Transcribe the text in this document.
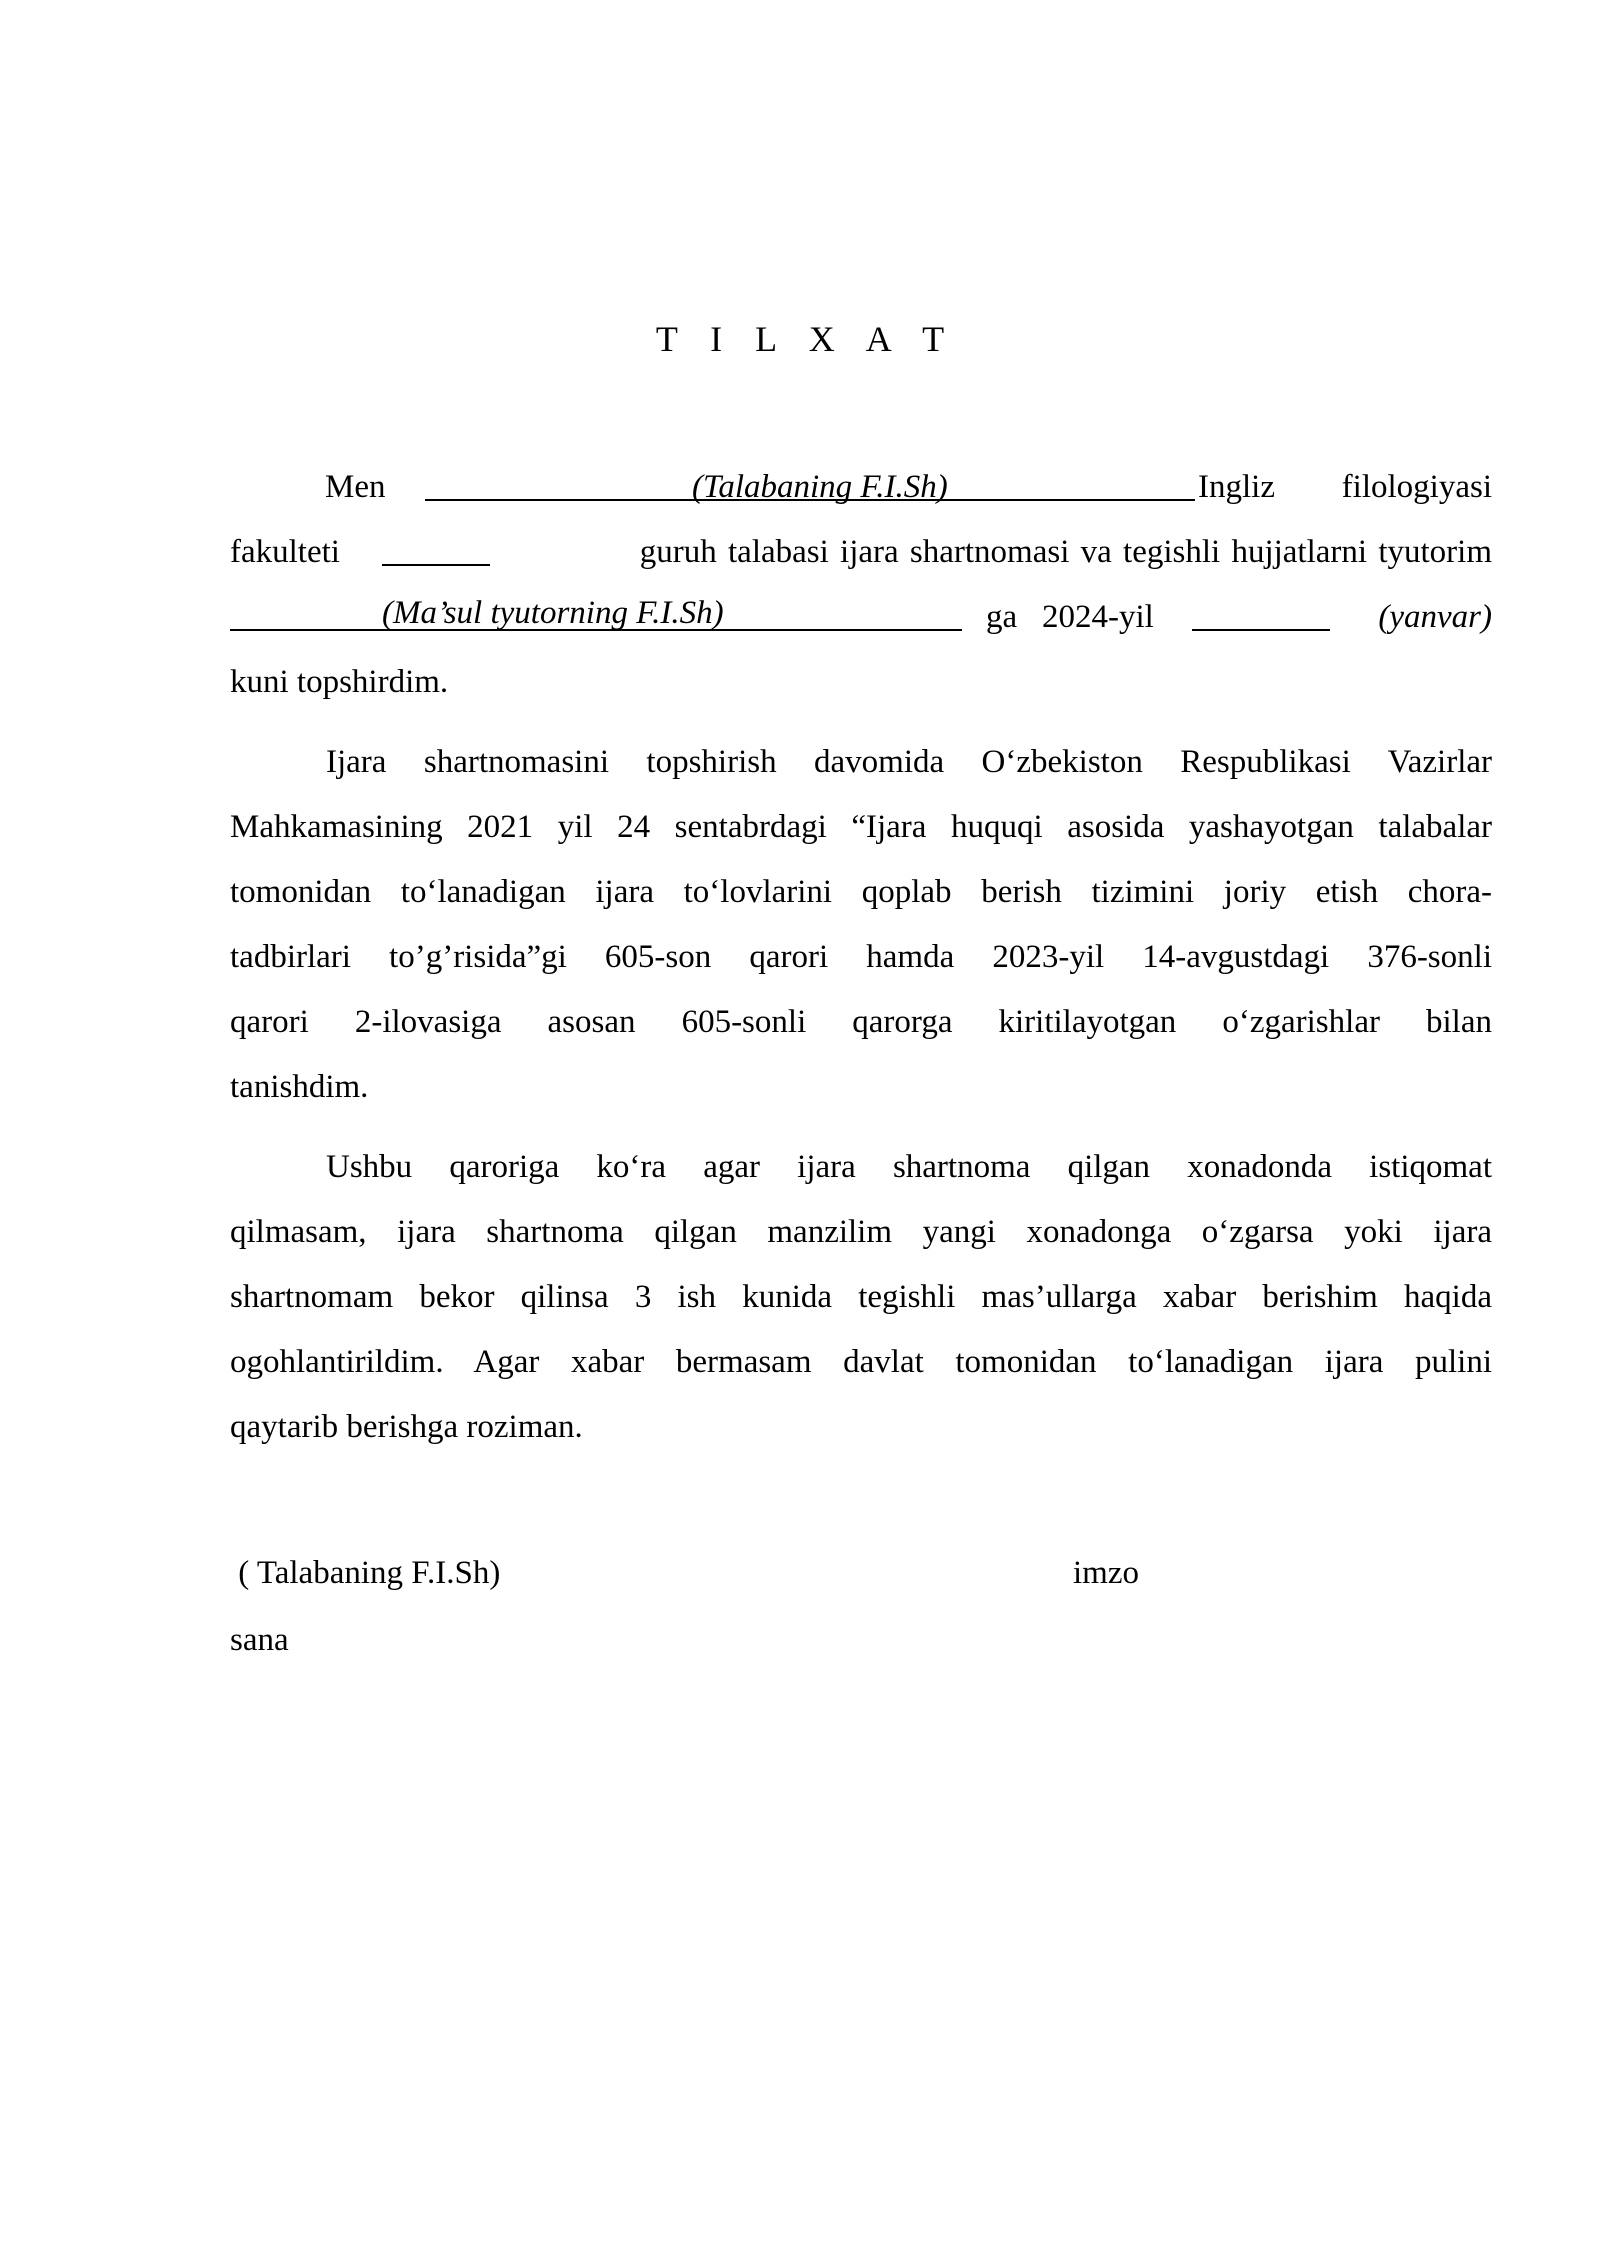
T I L X A T
Men	(Talabaning F.I.Sh)	Ingliz filologiyasi
fakulteti	guruh talabasi ijara shartnomasi va tegishli hujjatlarni tyutorim
(Ma’sul tyutorning F.I.Sh)	ga 2024-yil	(yanvar)
kuni topshirdim.
Ijara shartnomasini topshirish davomida O‘zbekiston Respublikasi Vazirlar
Mahkamasining 2021 yil 24 sentabrdagi “Ijara huquqi asosida yashayotgan talabalar
tomonidan to‘lanadigan ijara to‘lovlarini qoplab berish tizimini joriy etish chora-
tadbirlari to’g’risida”gi 605-son qarori hamda 2023-yil 14-avgustdagi 376-sonli
qarori 2-ilovasiga asosan 605-sonli qarorga kiritilayotgan o‘zgarishlar bilan
tanishdim.
Ushbu qaroriga ko‘ra agar ijara shartnoma qilgan xonadonda istiqomat
qilmasam, ijara shartnoma qilgan manzilim yangi xonadonga o‘zgarsa yoki ijara
shartnomam bekor qilinsa 3 ish kunida tegishli mas’ullarga xabar berishim haqida
ogohlantirildim. Agar xabar bermasam davlat tomonidan to‘lanadigan ijara pulini
qaytarib berishga roziman.
( Talabaning F.I.Sh)	imzo
sana
